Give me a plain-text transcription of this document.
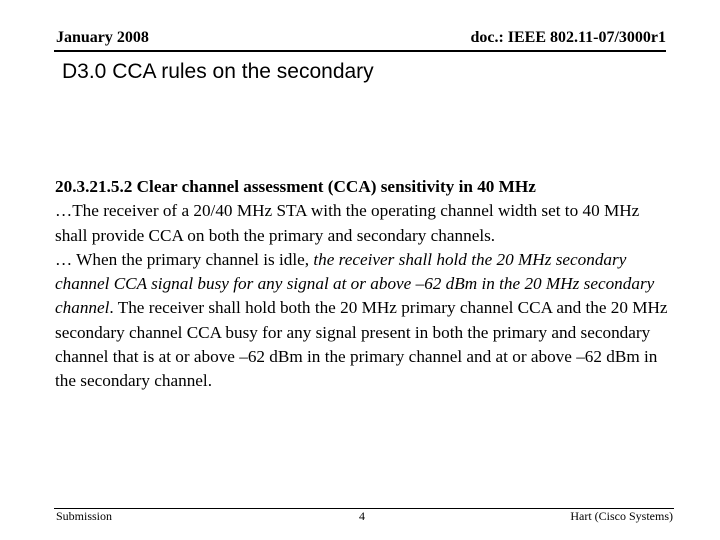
January 2008	doc.: IEEE 802.11-07/3000r1
D3.0 CCA rules on the secondary

20.3.21.5.2 Clear channel assessment (CCA) sensitivity in 40 MHz

…The receiver of a 20/40 MHz STA with the operating channel width set to 40 MHz shall provide CCA on both the primary and secondary channels.

… When the primary channel is idle, the receiver shall hold the 20 MHz secondary channel CCA signal busy for any signal at or above –62 dBm in the 20 MHz secondary channel. The receiver shall hold both the 20 MHz primary channel CCA and the 20 MHz secondary channel CCA busy for any signal present in both the primary and secondary channel that is at or above –62 dBm in the primary channel and at or above –62 dBm in the secondary channel.

Submission	4	Hart (Cisco Systems)
